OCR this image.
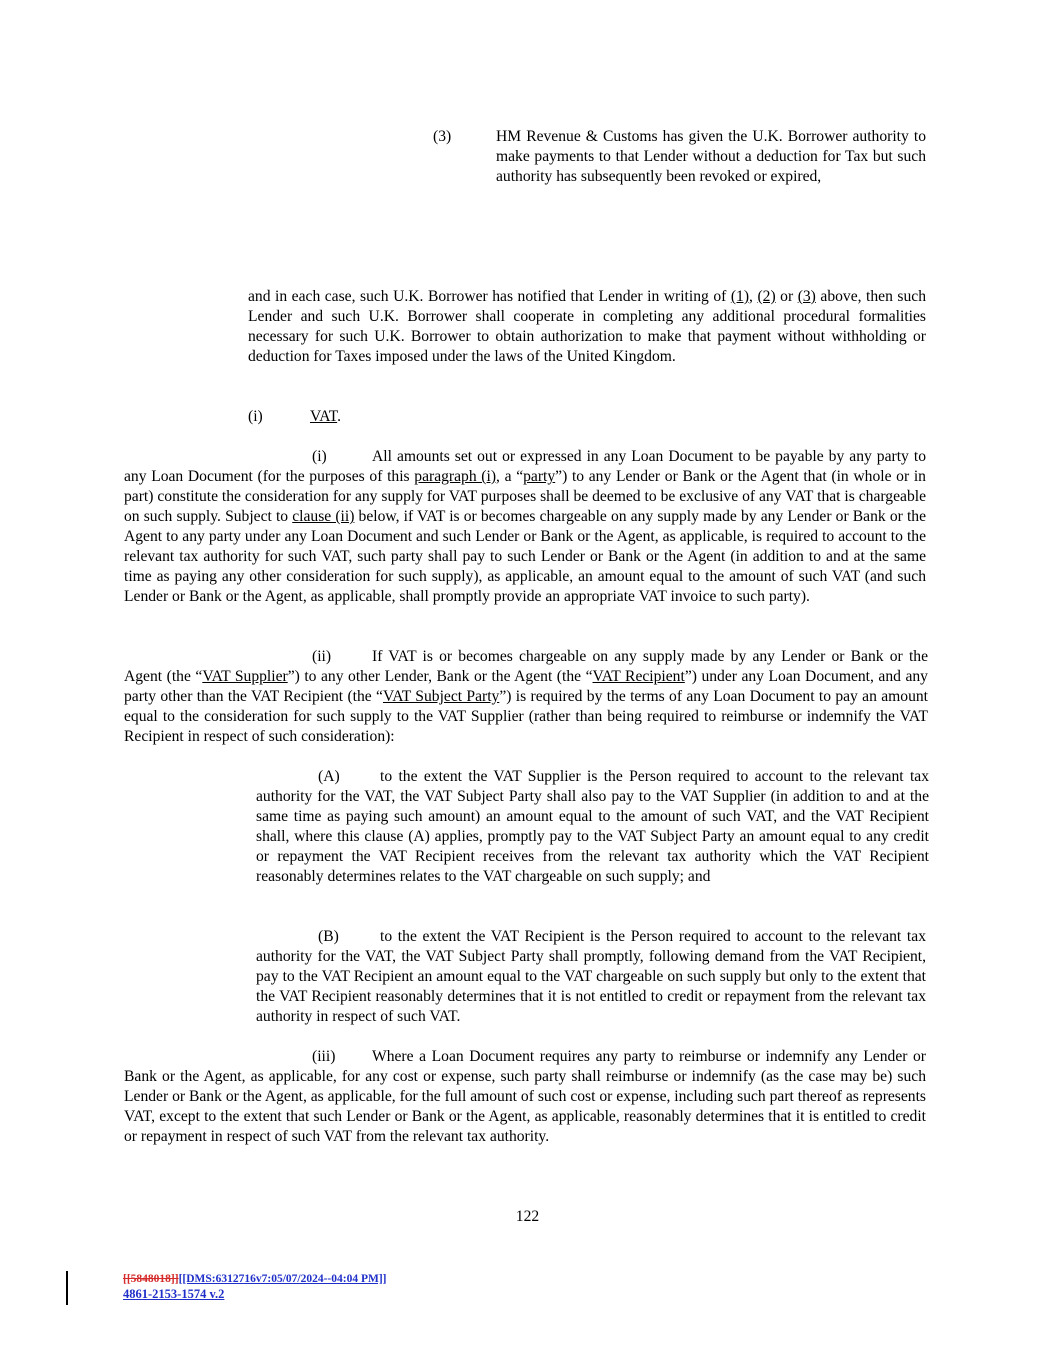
(3)	HM Revenue & Customs has given the U.K. Borrower authority to make payments to that Lender without a deduction for Tax but such authority has subsequently been revoked or expired,

and in each case, such U.K. Borrower has notified that Lender in writing of (1), (2) or (3) above, then such Lender and such U.K. Borrower shall cooperate in completing any additional procedural formalities necessary for such U.K. Borrower to obtain authorization to make that payment without withholding or deduction for Taxes imposed under the laws of the United Kingdom.

(i)	VAT.

(i)	All amounts set out or expressed in any Loan Document to be payable by any party to any Loan Document (for the purposes of this paragraph (i), a “party”) to any Lender or Bank or the Agent that (in whole or in part) constitute the consideration for any supply for VAT purposes shall be deemed to be exclusive of any VAT that is chargeable on such supply. Subject to clause (ii) below, if VAT is or becomes chargeable on any supply made by any Lender or Bank or the Agent to any party under any Loan Document and such Lender or Bank or the Agent, as applicable, is required to account to the relevant tax authority for such VAT, such party shall pay to such Lender or Bank or the Agent (in addition to and at the same time as paying any other consideration for such supply), as applicable, an amount equal to the amount of such VAT (and such Lender or Bank or the Agent, as applicable, shall promptly provide an appropriate VAT invoice to such party).

(ii)	If VAT is or becomes chargeable on any supply made by any Lender or Bank or the Agent (the “VAT Supplier”) to any other Lender, Bank or the Agent (the “VAT Recipient”) under any Loan Document, and any party other than the VAT Recipient (the “VAT Subject Party”) is required by the terms of any Loan Document to pay an amount equal to the consideration for such supply to the VAT Supplier (rather than being required to reimburse or indemnify the VAT Recipient in respect of such consideration):

(A)	to the extent the VAT Supplier is the Person required to account to the relevant tax authority for the VAT, the VAT Subject Party shall also pay to the VAT Supplier (in addition to and at the same time as paying such amount) an amount equal to the amount of such VAT, and the VAT Recipient shall, where this clause (A) applies, promptly pay to the VAT Subject Party an amount equal to any credit or repayment the VAT Recipient receives from the relevant tax authority which the VAT Recipient reasonably determines relates to the VAT chargeable on such supply; and

(B)	to the extent the VAT Recipient is the Person required to account to the relevant tax authority for the VAT, the VAT Subject Party shall promptly, following demand from the VAT Recipient, pay to the VAT Recipient an amount equal to the VAT chargeable on such supply but only to the extent that the VAT Recipient reasonably determines that it is not entitled to credit or repayment from the relevant tax authority in respect of such VAT.

(iii) Where a Loan Document requires any party to reimburse or indemnify any Lender or Bank or the Agent, as applicable, for any cost or expense, such party shall reimburse or indemnify (as the case may be) such Lender or Bank or the Agent, as applicable, for the full amount of such cost or expense, including such part thereof as represents VAT, except to the extent that such Lender or Bank or the Agent, as applicable, reasonably determines that it is entitled to credit or repayment in respect of such VAT from the relevant tax authority.

122
[[5848018]][[DMS:6312716v7:05/07/2024--04:04 PM]]
4861-2153-1574 v.2
